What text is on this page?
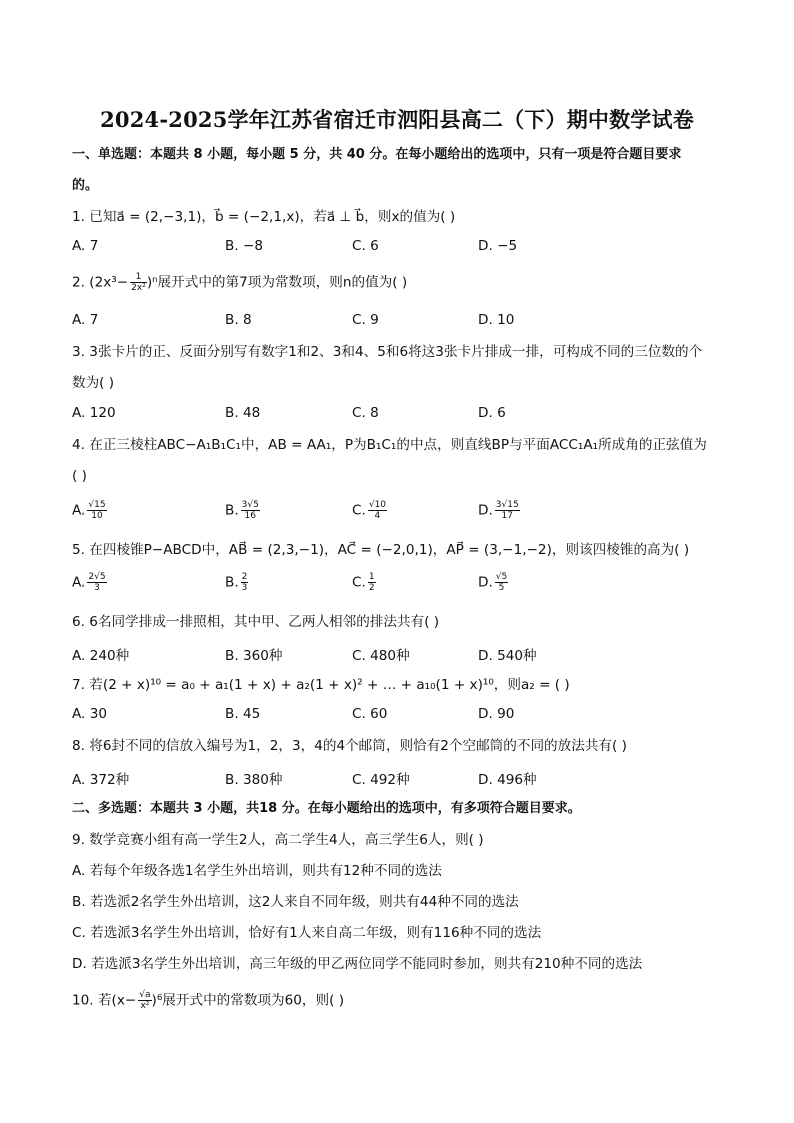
2024-2025学年江苏省宿迁市泗阳县高二（下）期中数学试卷
一、单选题：本题共 8 小题，每小题 5 分，共 40 分。在每小题给出的选项中，只有一项是符合题目要求
的。
1. 已知a⃗ = (2,−3,1)，b⃗ = (−2,1,x)，若a⃗ ⊥ b⃗，则x的值为( )
A. 7	B. −8	C. 6	D. −5
2. $(2x^3- \frac{1}{\text{2x²}} )^n$展开式中的第7项为常数项，则n的值为( )
A. 7	B. 8	C. 9	D. 10
3. 3张卡片的正、反面分别写有数字1和2、3和4、5和6将这3张卡片排成一排，可构成不同的三位数的个
数为( )
A. 120	B. 48	C. 8	D. 6
4. 在正三棱柱ABC−A₁B₁C₁中，AB = AA₁，P为B₁C₁的中点，则直线BP与平面ACC₁A₁所成角的正弦值为
( )
A. $\frac{√15}{10}$	B. $\frac{3√5}{16}$	C. $\frac{√10}{4}$	D. $\frac{3√15}{17}$
5. 在四棱锥P−ABCD中，AB⃗ = (2,3,−1)，AC⃗ = (−2,0,1)，AP⃗ = (3,−1,−2)，则该四棱锥的高为( )
A. $\frac{2√5}{3}$	B. $\frac{2}{3}$	C. $\frac{1}{2}$	D. $\frac{√5}{5}$
6. 6名同学排成一排照相，其中甲、乙两人相邻的排法共有( )
A. 240种	B. 360种	C. 480种	D. 540种
7. 若(2 + x)¹⁰ = a₀ + a₁(1 + x) + a₂(1 + x)² + … + a₁₀(1 + x)¹⁰，则a₂ = ( )
A. 30	B. 45	C. 60	D. 90
8. 将6封不同的信放入编号为1，2，3，4的4个邮筒，则恰有2个空邮筒的不同的放法共有( )
A. 372种	B. 380种	C. 492种	D. 496种
二、多选题：本题共 3 小题，共18 分。在每小题给出的选项中，有多项符合题目要求。
9. 数学竞赛小组有高一学生2人，高二学生4人，高三学生6人，则( )
A. 若每个年级各选1名学生外出培训，则共有12种不同的选法
B. 若选派2名学生外出培训，这2人来自不同年级，则共有44种不同的选法
C. 若选派3名学生外出培训，恰好有1人来自高二年级，则有116种不同的选法
D. 若选派3名学生外出培训，高三年级的甲乙两位同学不能同时参加，则共有210种不同的选法
10. 若$(x- \frac{√a}{\text{x²}} )^6$展开式中的常数项为60，则( )
